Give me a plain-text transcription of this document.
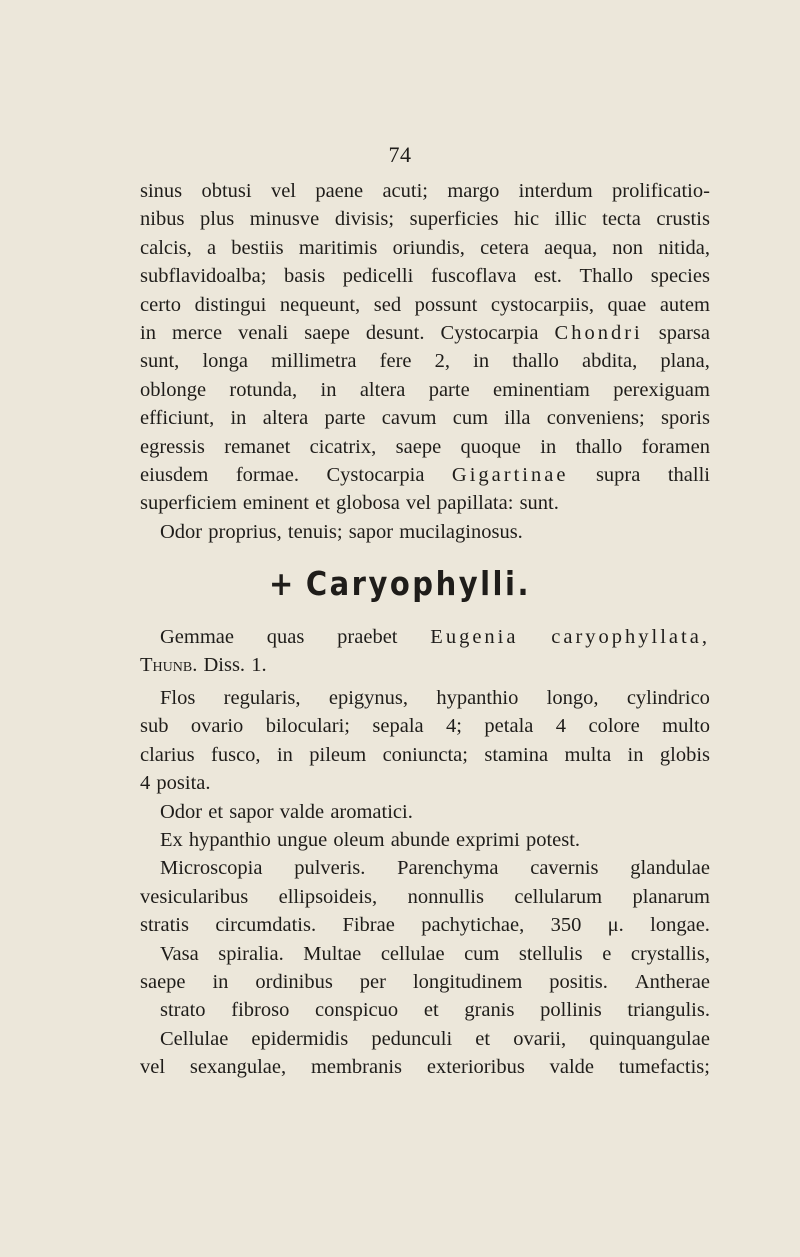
74
sinus obtusi vel paene acuti; margo interdum prolificatio-
nibus plus minusve divisis; superficies hic illic tecta crustis
calcis, a bestiis maritimis oriundis, cetera aequa, non nitida,
subflavidoalba; basis pedicelli fuscoflava est. Thallo species
certo distingui nequeunt, sed possunt cystocarpiis, quae autem
in merce venali saepe desunt. Cystocarpia Chondri sparsa
sunt, longa millimetra fere 2, in thallo abdita, plana,
oblonge rotunda, in altera parte eminentiam perexiguam
efficiunt, in altera parte cavum cum illa conveniens; sporis
egressis remanet cicatrix, saepe quoque in thallo foramen
eiusdem formae. Cystocarpia Gigartinae supra thalli
superficiem eminent et globosa vel papillata: sunt.
Odor proprius, tenuis; sapor mucilaginosus.
+ Caryophylli.
Gemmae quas praebet Eugenia caryophyllata,
Thunb. Diss. 1.
Flos regularis, epigynus, hypanthio longo, cylindrico
sub ovario biloculari; sepala 4; petala 4 colore multo
clarius fusco, in pileum coniuncta; stamina multa in globis
4 posita.
Odor et sapor valde aromatici.
Ex hypanthio ungue oleum abunde exprimi potest.
Microscopia pulveris. Parenchyma cavernis glandulae
vesicularibus ellipsoideis, nonnullis cellularum planarum
stratis circumdatis. Fibrae pachytichae, 350 μ. longae.
Vasa spiralia. Multae cellulae cum stellulis e crystallis,
saepe in ordinibus per longitudinem positis. Antherae
strato fibroso conspicuo et granis pollinis triangulis.
Cellulae epidermidis pedunculi et ovarii, quinquangulae
vel sexangulae, membranis exterioribus valde tumefactis;
